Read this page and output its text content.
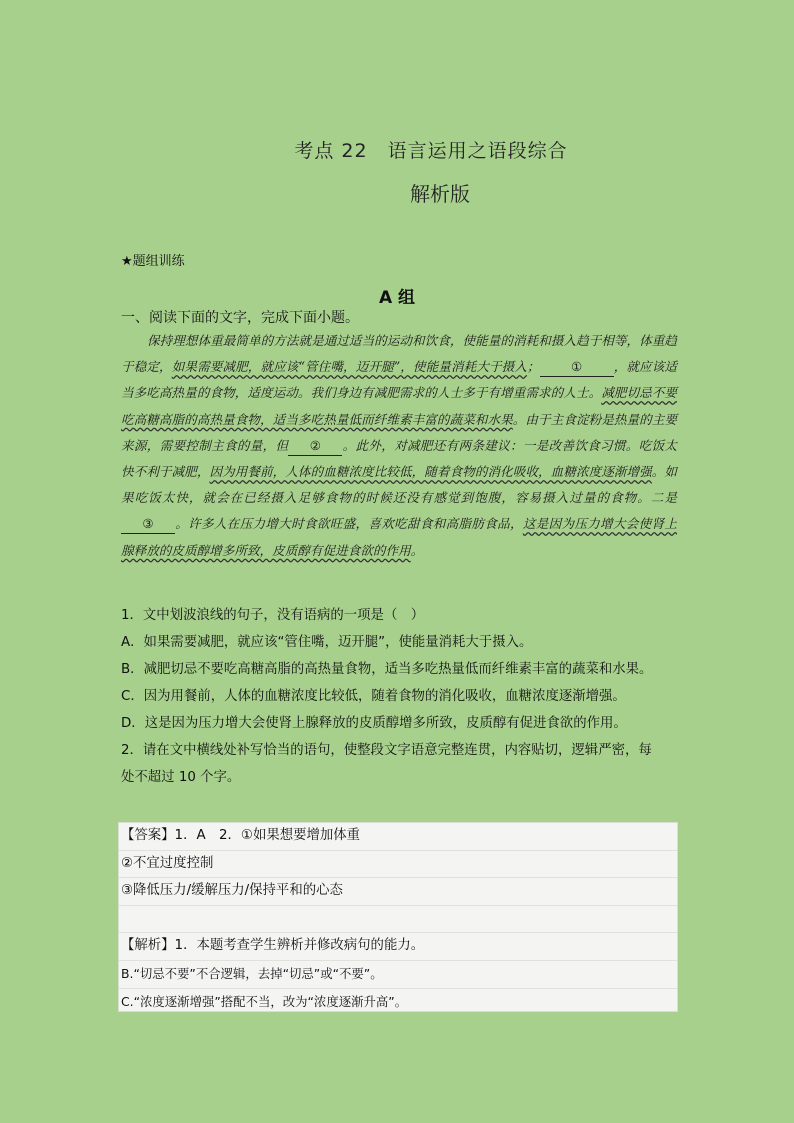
考点 22　语言运用之语段综合
解析版
★题组训练
A 组
一、阅读下面的文字，完成下面小题。
保持理想体重最简单的方法就是通过适当的运动和饮食，使能量的消耗和摄入趋于相等，体重趋于稳定，如果需要减肥，就应该“管住嘴，迈开腿”，使能量消耗大于摄入； ① ，就应该适当多吃高热量的食物，适度运动。我们身边有减肥需求的人士多于有增重需求的人士。减肥切忌不要吃高糖高脂的高热量食物，适当多吃热量低而纤维素丰富的蔬菜和水果。由于主食淀粉是热量的主要来源，需要控制主食的量，但 ② 。此外，对减肥还有两条建议：一是改善饮食习惯。吃饭太快不利于减肥，因为用餐前，人体的血糖浓度比较低，随着食物的消化吸收，血糖浓度逐渐增强。如果吃饭太快，就会在已经摄入足够食物的时候还没有感觉到饱腹，容易摄入过量的食物。二是③ 。许多人在压力增大时食欲旺盛，喜欢吃甜食和高脂肪食品，这是因为压力增大会使肾上腺释放的皮质醇增多所致，皮质醇有促进食欲的作用。
1．文中划波浪线的句子，没有语病的一项是（　）
A．如果需要减肥，就应该“管住嘴，迈开腿”，使能量消耗大于摄入。
B．减肥切忌不要吃高糖高脂的高热量食物，适当多吃热量低而纤维素丰富的蔬菜和水果。
C．因为用餐前，人体的血糖浓度比较低，随着食物的消化吸收，血糖浓度逐渐增强。
D．这是因为压力增大会使肾上腺释放的皮质醇增多所致，皮质醇有促进食欲的作用。
2．请在文中横线处补写恰当的语句，使整段文字语意完整连贯，内容贴切，逻辑严密，每
处不超过 10 个字。
【答案】1．A　2．①如果想要增加体重
②不宜过度控制
③降低压力/缓解压力/保持平和的心态
【解析】1．本题考查学生辨析并修改病句的能力。
B.“切忌不要”不合逻辑，去掉“切忌”或“不要”。
C.“浓度逐渐增强”搭配不当，改为“浓度逐渐升高”。
